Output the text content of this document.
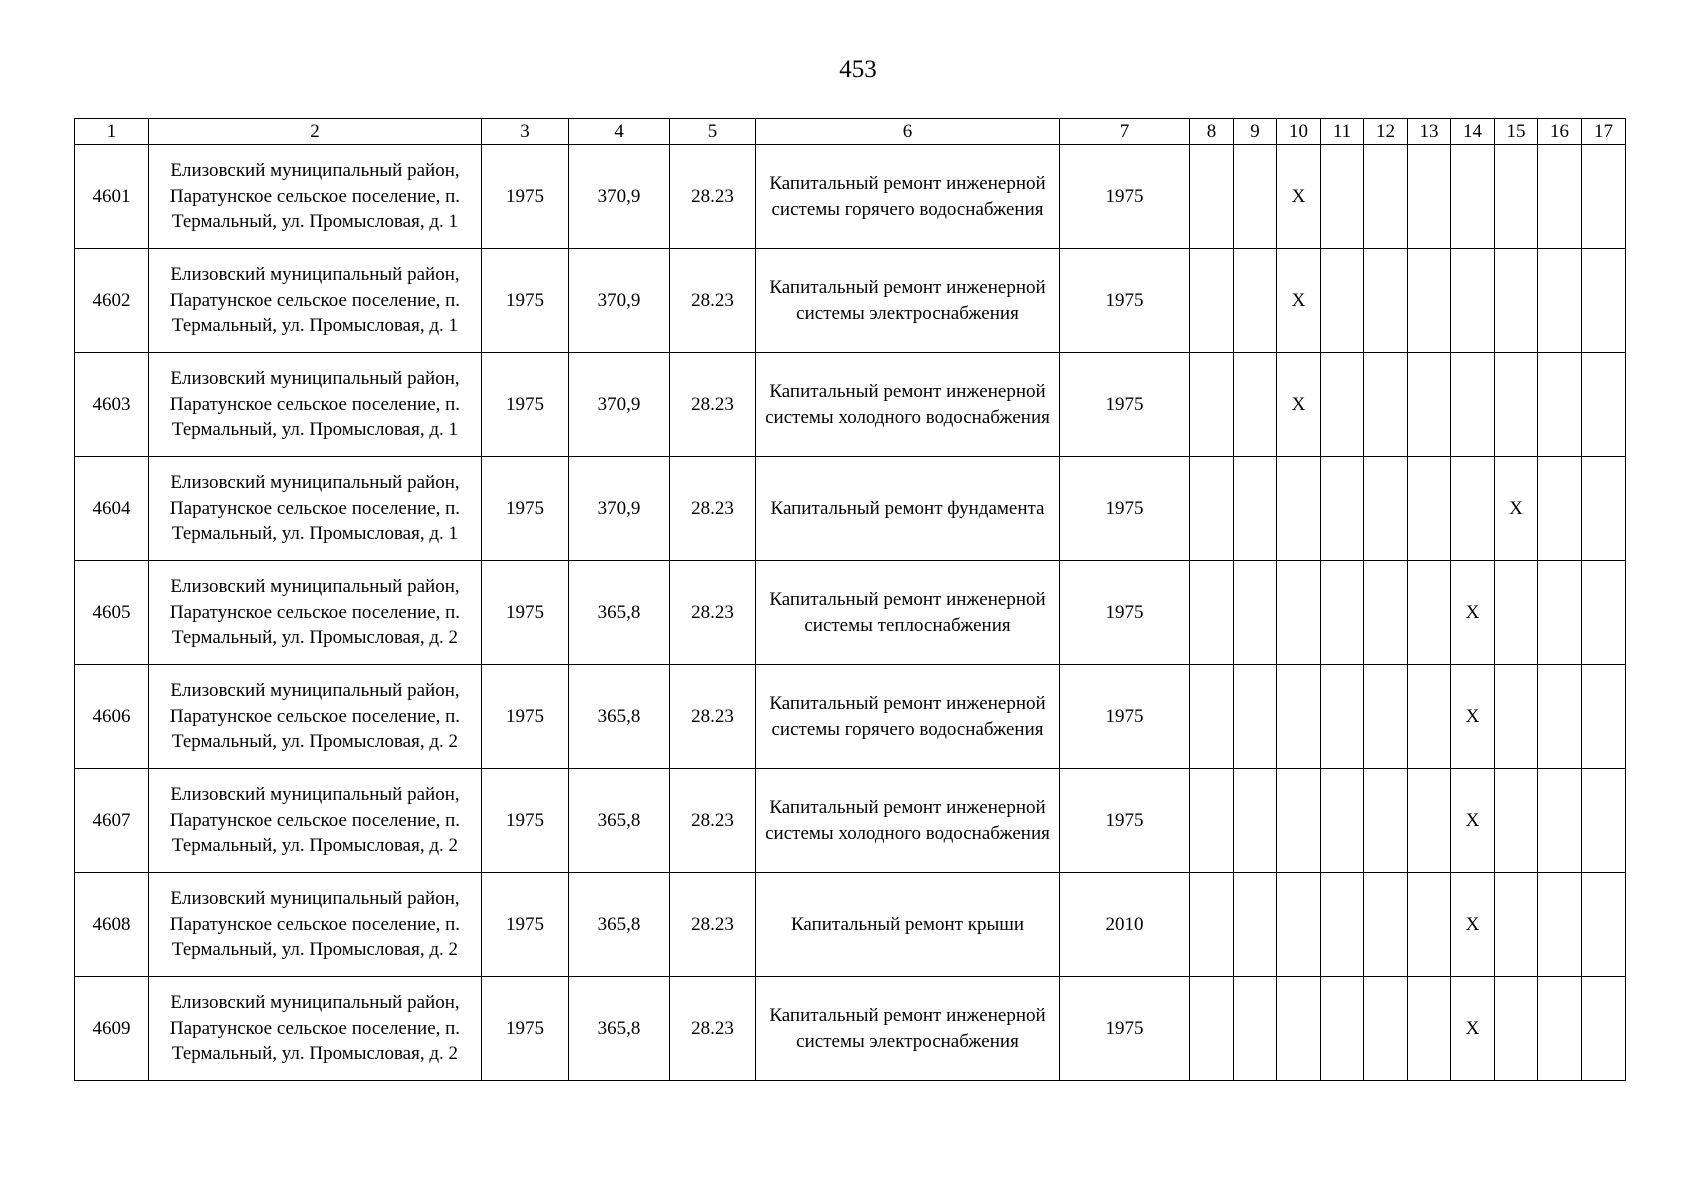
453
1	2	3	4	5	6	7	8	9	10	11	12	13	14	15	16	17
4601	Елизовский муниципальный район, Паратунское сельское поселение, п. Термальный, ул. Промысловая, д. 1	1975	370,9	28.23	Капитальный ремонт инженерной системы горячего водоснабжения	1975			X							
4602	Елизовский муниципальный район, Паратунское сельское поселение, п. Термальный, ул. Промысловая, д. 1	1975	370,9	28.23	Капитальный ремонт инженерной системы электроснабжения	1975			X							
4603	Елизовский муниципальный район, Паратунское сельское поселение, п. Термальный, ул. Промысловая, д. 1	1975	370,9	28.23	Капитальный ремонт инженерной системы холодного водоснабжения	1975			X							
4604	Елизовский муниципальный район, Паратунское сельское поселение, п. Термальный, ул. Промысловая, д. 1	1975	370,9	28.23	Капитальный ремонт фундамента	1975								X		
4605	Елизовский муниципальный район, Паратунское сельское поселение, п. Термальный, ул. Промысловая, д. 2	1975	365,8	28.23	Капитальный ремонт инженерной системы теплоснабжения	1975							X			
4606	Елизовский муниципальный район, Паратунское сельское поселение, п. Термальный, ул. Промысловая, д. 2	1975	365,8	28.23	Капитальный ремонт инженерной системы горячего водоснабжения	1975							X			
4607	Елизовский муниципальный район, Паратунское сельское поселение, п. Термальный, ул. Промысловая, д. 2	1975	365,8	28.23	Капитальный ремонт инженерной системы холодного водоснабжения	1975							X			
4608	Елизовский муниципальный район, Паратунское сельское поселение, п. Термальный, ул. Промысловая, д. 2	1975	365,8	28.23	Капитальный ремонт крыши	2010							X			
4609	Елизовский муниципальный район, Паратунское сельское поселение, п. Термальный, ул. Промысловая, д. 2	1975	365,8	28.23	Капитальный ремонт инженерной системы электроснабжения	1975							X			
